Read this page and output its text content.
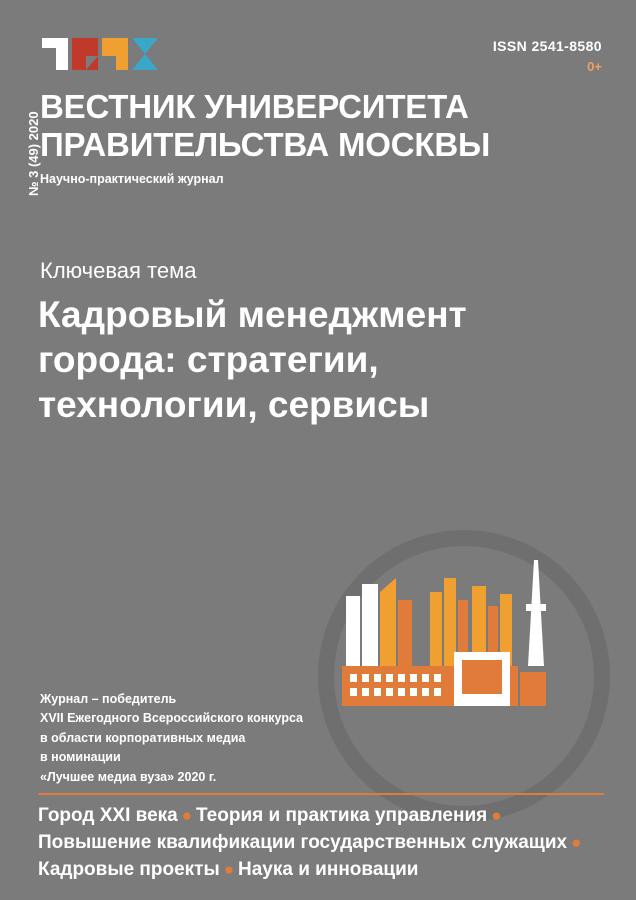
ISSN 2541-8580
0+
ВЕСТНИК УНИВЕРСИТЕТА
ПРАВИТЕЛЬСТВА МОСКВЫ
Научно-практический журнал
№ 3 (49) 2020
Ключевая тема
Кадровый менеджмент
города: стратегии,
технологии, сервисы
Журнал – победитель
XVII Ежегодного Всероссийского конкурса
в области корпоративных медиа
в номинации
«Лучшее медиа вуза» 2020 г.
Город XXI века ● Теория и практика управления ●
Повышение квалификации государственных служащих ●
Кадровые проекты ● Наука и инновации
